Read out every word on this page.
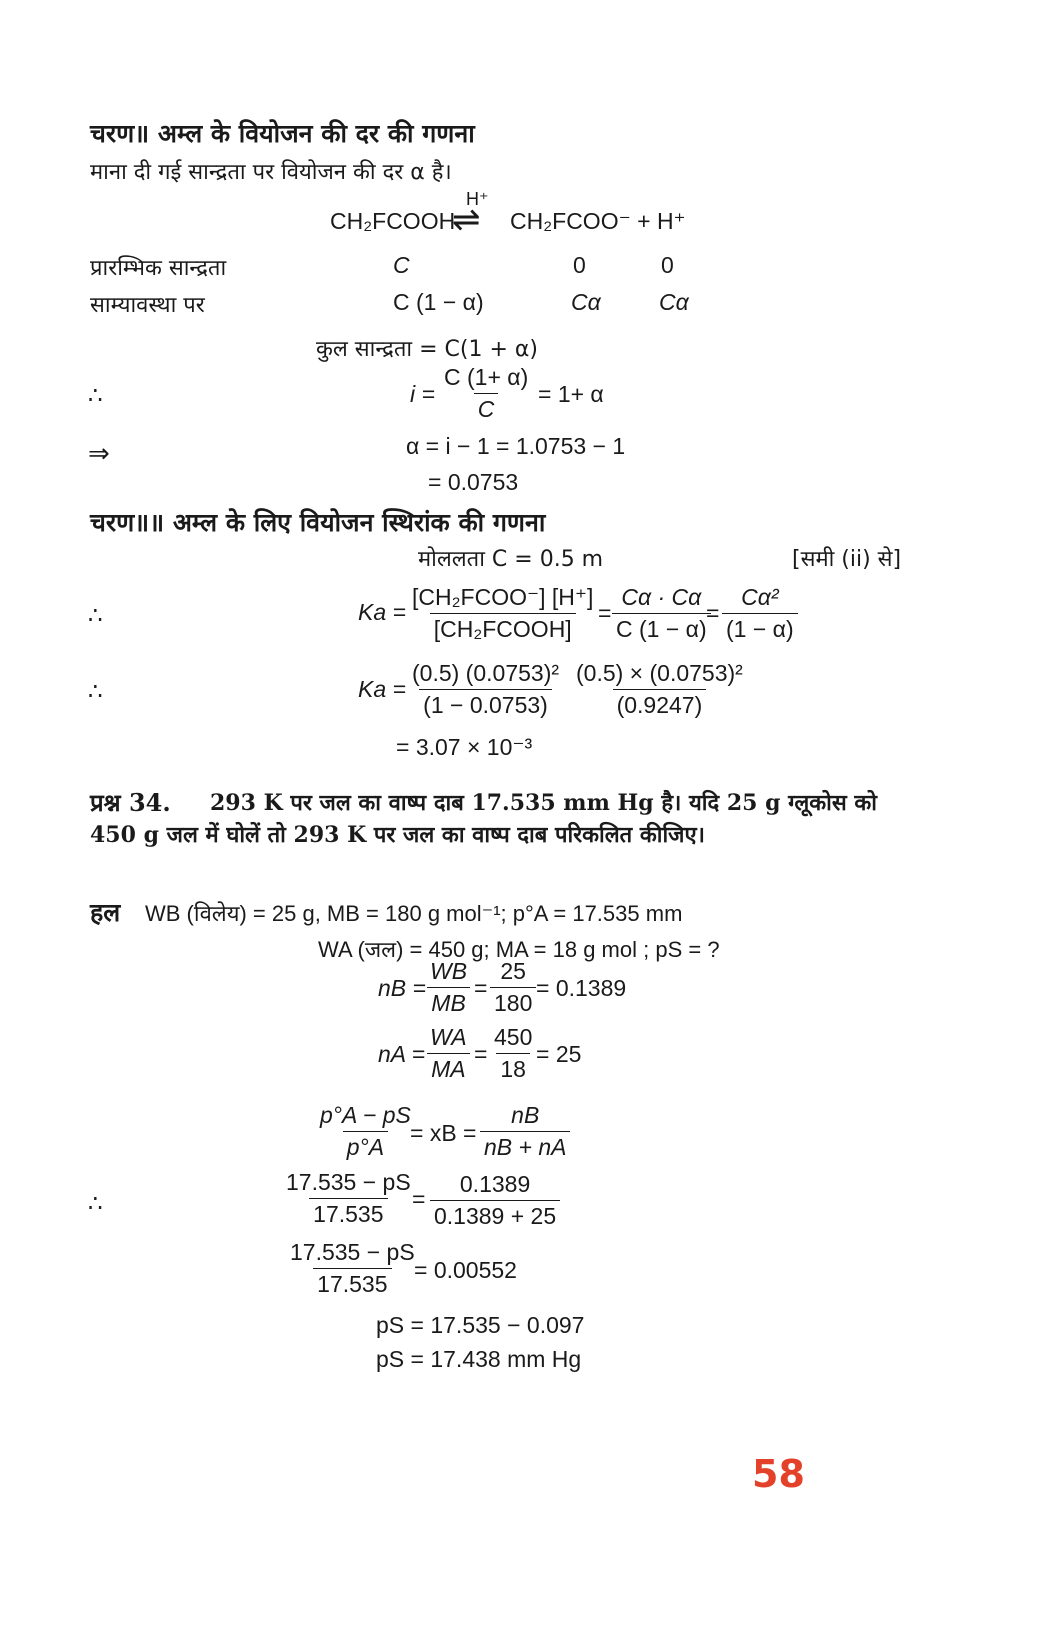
चरण॥ अम्ल के वियोजन की दर की गणना
माना दी गई सान्द्रता पर वियोजन की दर α है।
H⁺
CH₂FCOOH
⇌ CH₂FCOO⁻ + H⁺
प्रारम्भिक सान्द्रता	C	0	0
साम्यावस्था पर	C (1 − α)	Cα	Cα
कुल सान्द्रता = C(1 + α)
∴	$i = \frac{C (1+ \alpha)}{C} = 1+ \alpha$
⇒	α = i − 1 = 1.0753 − 1
= 0.0753
चरण॥॥ अम्ल के लिए वियोजन स्थिरांक की गणना
मोललता C = 0.5 m	[समी (ii) से]
∴	Ka =
[CH₂FCOO⁻] [H⁺]
[CH₂FCOOH]
= $\frac{C\alpha \cdot C\alpha}{C (1 - \alpha)}$
= $\frac{\text{Cα²}}{(1 - \alpha)}$
∴	$Ka = \frac{\text{(0.5) (0.0753)²}}{(1 - 0.0753)} \frac{\text{(0.5) × (0.0753)²}}{(0.9247)}$
= 3.07 × 10⁻³
प्रश्न 34. 293 K पर जल का वाष्प दाब 17.535 mm Hg है। यदि 25 g ग्लूकोस को
450 g जल में घोलें तो 293 K पर जल का वाष्प दाब परिकलित कीजिए।
हल WB (विलेय) = 25 g, MB = 180 g mol⁻¹; p°A = 17.535 mm
WA (जल) = 450 g; MA = 18 g mol ; pS = ?
nB = $\frac{WB}{MB} = \frac{25}{180} = 0.1389$
nA = $\frac{WA}{MA} = \frac{450}{18} = 25$
$\frac{p^\circ A - pS}{p^\circ A}$
= xB = $\frac{nB}{nB + nA}$
∴	$\frac{17.535 - pS}{17.535}$
= $\frac{0.1389}{0.1389 + 25}$
$\frac{17.535 - pS}{17.535}$
= 0.00552
pS = 17.535 − 0.097
pS = 17.438 mm Hg
58
